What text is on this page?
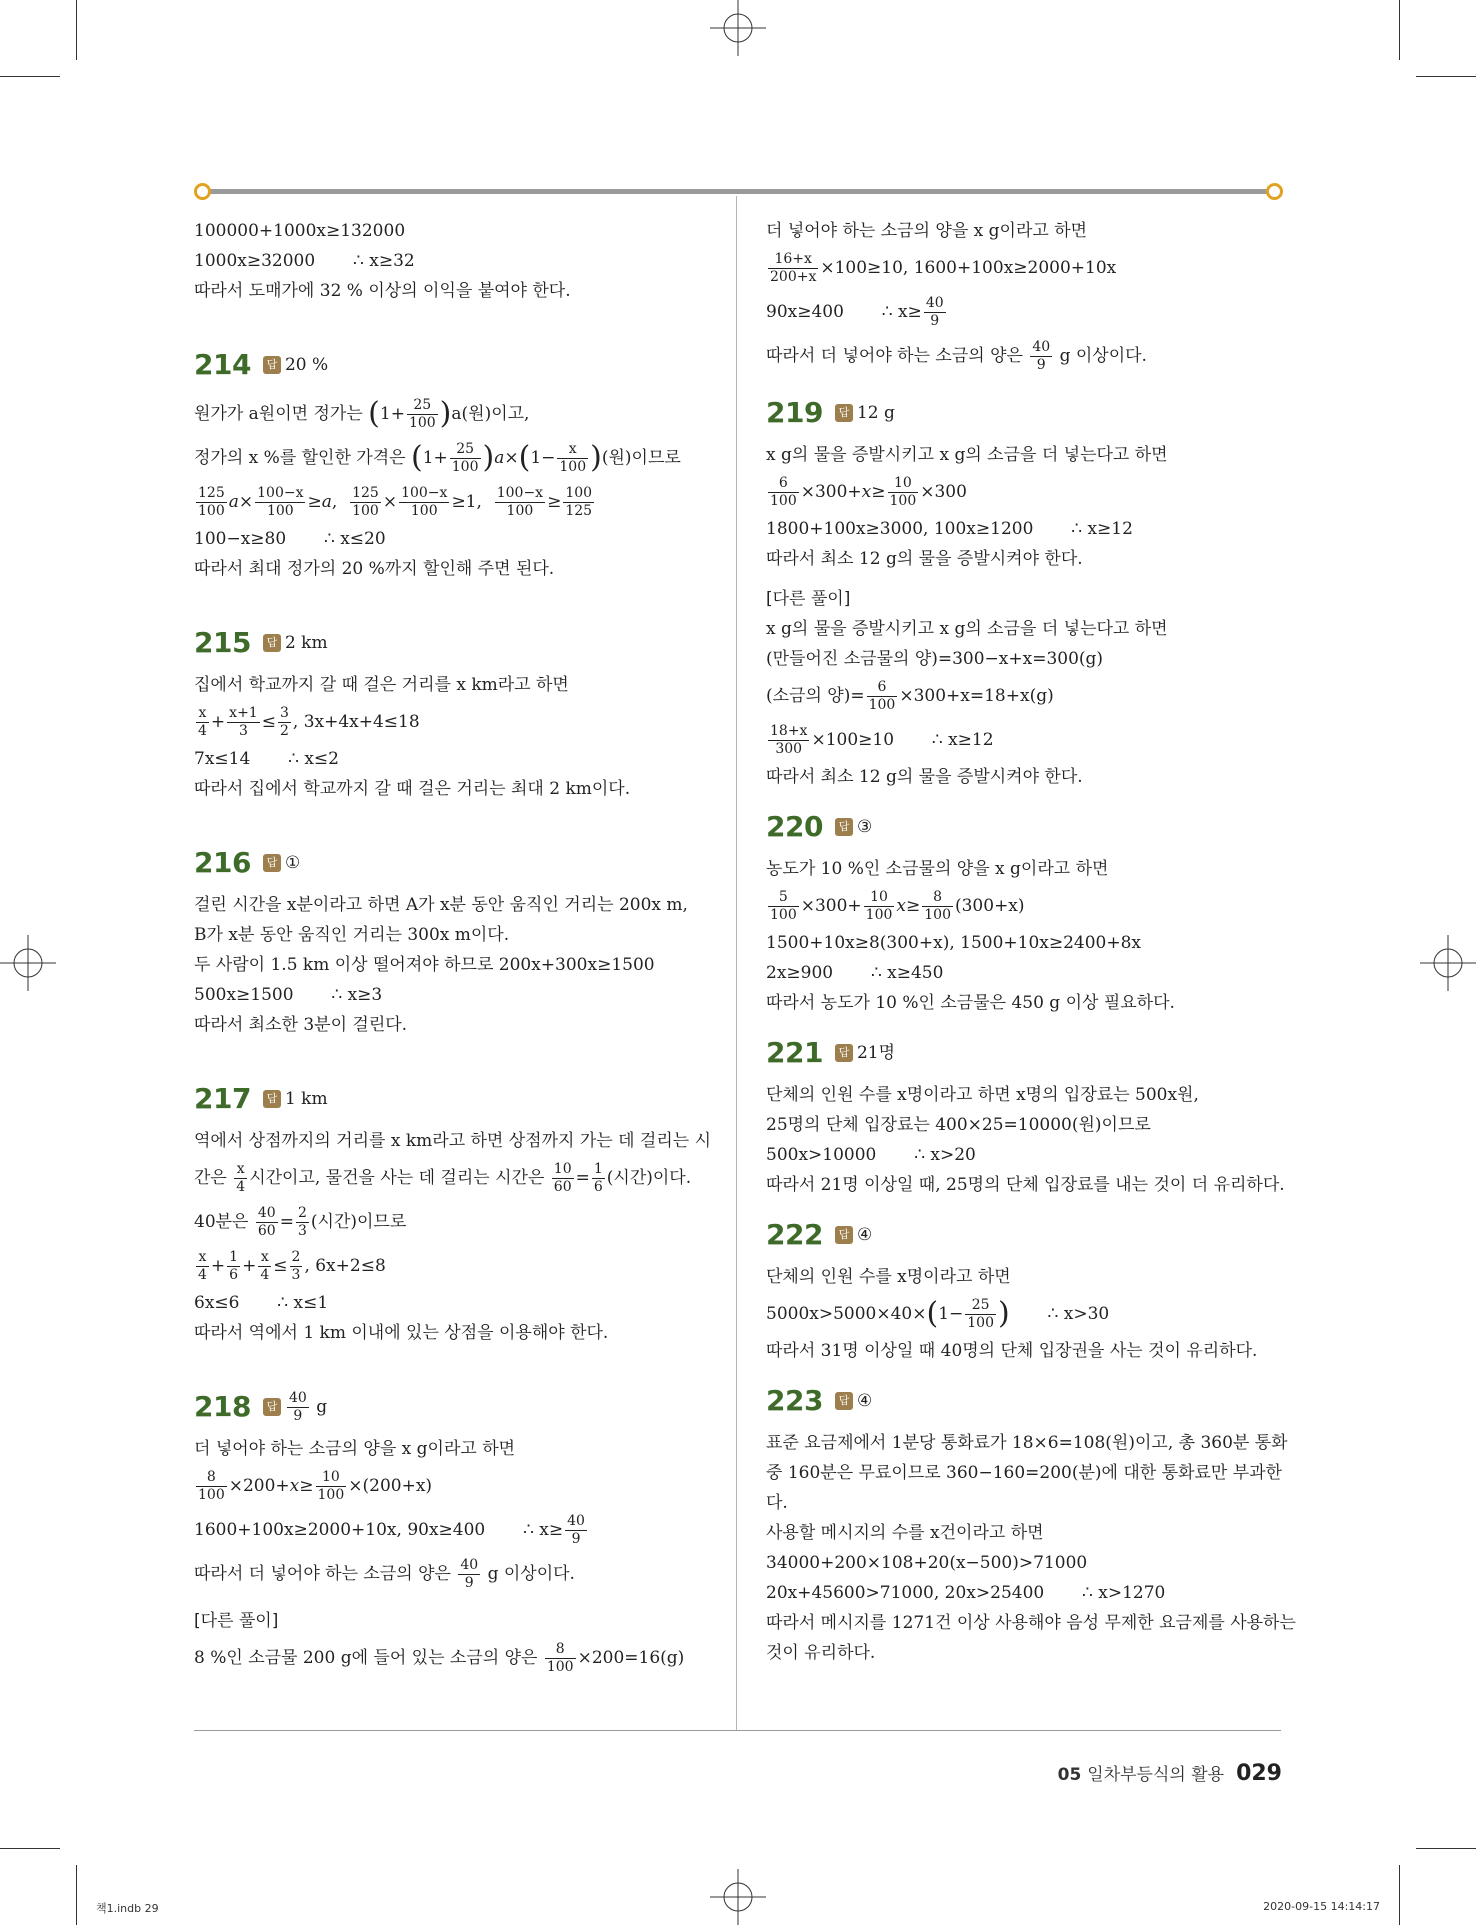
100000+1000x≥132000
1000x≥32000 ∴ x≥32
따라서 도매가에 32 % 이상의 이익을 붙여야 한다.
214	답 20 %
원가가 a원이면 정가는
( $1+ \frac{25}{100}$ ) a(원)이고,
정가의 x %를 할인한 가격은
( $1+ \frac{25}{100}$ ) a × ( $1- \frac{x}{100}$ ) (원)이므로
$\frac{125}{100}$ $a \times \frac{100-x}{100} \ge a$ , $\frac{125}{100} \times \frac{100-x}{100} \ge 1$, $\frac{100-x}{100} \ge \frac{100}{125}$
100−x≥80 ∴ x≤20
따라서 최대 정가의 20 %까지 할인해 주면 된다.
215	답 2 km
집에서 학교까지 갈 때 걸은 거리를 x km라고 하면
$\frac{x}{4} + \frac{x+1}{3} \le \frac{3}{2}$ , 3x+4x+4≤18
7x≤14 ∴ x≤2
따라서 집에서 학교까지 갈 때 걸은 거리는 최대 2 km이다.
216	답 ①
걸린 시간을 x분이라고 하면 A가 x분 동안 움직인 거리는 200x m,
B가 x분 동안 움직인 거리는 300x m이다.
두 사람이 1.5 km 이상 떨어져야 하므로 200x+300x≥1500
500x≥1500 ∴ x≥3
따라서 최소한 3분이 걸린다.
217	답 1 km
역에서 상점까지의 거리를 x km라고 하면 상점까지 가는 데 걸리는 시
간은
$\frac{x}{4}$ 시간이고, 물건을 사는 데 걸리는 시간은
$\frac{10}{60} = \frac{1}{6}$ (시간)이다.
40분은
$\frac{40}{60} = \frac{2}{3}$ (시간)이므로
$\frac{x}{4} + \frac{1}{6} + \frac{x}{4} \le \frac{2}{3}$ , 6x+2≤8
6x≤6 ∴ x≤1
따라서 역에서 1 km 이내에 있는 상점을 이용해야 한다.
218	답 $\frac{40}{9}$
g
더 넣어야 하는 소금의 양을 x g이라고 하면
$\frac{8}{100} \times 200+ x \ge \frac{10}{100} \times(200+x)$
1600+100x≥2000+10x, 90x≥400
∴ $x\ge \frac{40}{9}$
따라서 더 넣어야 하는 소금의 양은
$\frac{40}{9}$
g 이상이다.
[다른 풀이]
8 %인 소금물 200 g에 들어 있는 소금의 양은
$\frac{8}{100} \times 200=16(g)$
더 넣어야 하는 소금의 양을 x g이라고 하면
$\frac{16+x}{200+x} \times 100\ge 10$, 1600+100x≥2000+10x
90x≥400
∴ $x\ge \frac{40}{9}$
따라서 더 넣어야 하는 소금의 양은
$\frac{40}{9}$
g 이상이다.
219	답 12 g
x g의 물을 증발시키고 x g의 소금을 더 넣는다고 하면
$\frac{6}{100} \times 300+ x \ge \frac{10}{100} \times 300$
1800+100x≥3000, 100x≥1200 ∴ x≥12
따라서 최소 12 g의 물을 증발시켜야 한다.
[다른 풀이]
x g의 물을 증발시키고 x g의 소금을 더 넣는다고 하면
(만들어진 소금물의 양)=300−x+x=300(g)
(소금의 양)= $\frac{6}{100} \times 300+x=18+x(g)$
$\frac{18+x}{300} \times 100\ge 10$
∴ x≥12
따라서 최소 12 g의 물을 증발시켜야 한다.
220	답 ③
농도가 10 %인 소금물의 양을 x g이라고 하면
$\frac{5}{100} \times 300+ \frac{10}{100}$ $x \ge \frac{8}{100} (300+x)$
1500+10x≥8(300+x), 1500+10x≥2400+8x
2x≥900 ∴ x≥450
따라서 농도가 10 %인 소금물은 450 g 이상 필요하다.
221	답 21명
단체의 인원 수를 x명이라고 하면 x명의 입장료는 500x원,
25명의 단체 입장료는 400×25=10000(원)이므로
500x>10000 ∴ x>20
따라서 21명 이상일 때, 25명의 단체 입장료를 내는 것이 더 유리하다.
222	답 ④
단체의 인원 수를 x명이라고 하면
5000x>5000×40× ( $1- \frac{25}{100}$ )
∴ x>30
따라서 31명 이상일 때 40명의 단체 입장권을 사는 것이 유리하다.
223	답 ④
표준 요금제에서 1분당 통화료가 18×6=108(원)이고, 총 360분 통화
중 160분은 무료이므로 360−160=200(분)에 대한 통화료만 부과한
다.
사용할 메시지의 수를 x건이라고 하면
34000+200×108+20(x−500)>71000
20x+45600>71000, 20x>25400 ∴ x>1270
따라서 메시지를 1271건 이상 사용해야 음성 무제한 요금제를 사용하는
것이 유리하다.
05 일차부등식의 활용 029
책1.indb 29	2020-09-15 14:14:17
